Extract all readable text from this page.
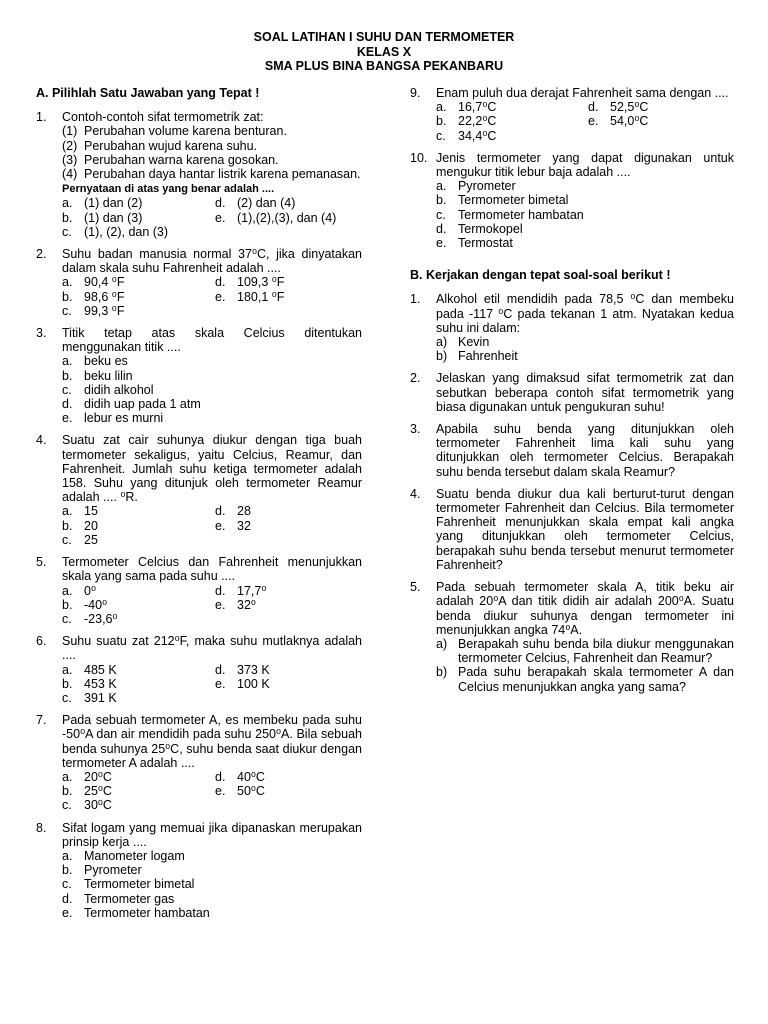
SOAL LATIHAN I SUHU DAN TERMOMETER
KELAS X
SMA PLUS BINA BANGSA PEKANBARU
A. Pilihlah Satu Jawaban yang Tepat !
1.	Contoh-contoh sifat termometrik zat:
(1) Perubahan volume karena benturan.
(2) Perubahan wujud karena suhu.
(3) Perubahan warna karena gosokan.
(4) Perubahan daya hantar listrik karena pemanasan.
Pernyataan di atas yang benar adalah ....
a. (1) dan (2)	d. (2) dan (4)
b. (1) dan (3)	e. (1),(2),(3), dan (4)
c. (1), (2), dan (3)
2.	Suhu badan manusia normal 37⁰C, jika dinyatakan dalam skala suhu Fahrenheit adalah ....
a. 90,4 ⁰F	d. 109,3 ⁰F
b. 98,6 ⁰F	e. 180,1 ⁰F
c. 99,3 ⁰F
3.	Titik tetap atas skala Celcius ditentukan menggunakan titik ....
a. beku es
b. beku lilin
c. didih alkohol
d. didih uap pada 1 atm
e. lebur es murni
4.	Suatu zat cair suhunya diukur dengan tiga buah termometer sekaligus, yaitu Celcius, Reamur, dan Fahrenheit. Jumlah suhu ketiga termometer adalah 158. Suhu yang ditunjuk oleh termometer Reamur adalah .... ⁰R.
a. 15	d. 28
b. 20	e. 32
c. 25
5.	Termometer Celcius dan Fahrenheit menunjukkan skala yang sama pada suhu ....
a. 0⁰	d. 17,7⁰
b. -40⁰	e. 32⁰
c. -23,6⁰
6.	Suhu suatu zat 212⁰F, maka suhu mutlaknya adalah ....
a. 485 K	d. 373 K
b. 453 K	e. 100 K
c. 391 K
7.	Pada sebuah termometer A, es membeku pada suhu -50⁰A dan air mendidih pada suhu 250⁰A. Bila sebuah benda suhunya 25⁰C, suhu benda saat diukur dengan termometer A adalah ....
a. 20⁰C	d. 40⁰C
b. 25⁰C	e. 50⁰C
c. 30⁰C
8.	Sifat logam yang memuai jika dipanaskan merupakan prinsip kerja ....
a. Manometer logam
b. Pyrometer
c. Termometer bimetal
d. Termometer gas
e. Termometer hambatan
9.	Enam puluh dua derajat Fahrenheit sama dengan ....
a. 16,7⁰C	d. 52,5⁰C
b. 22,2⁰C	e. 54,0⁰C
c. 34,4⁰C
10. Jenis termometer yang dapat digunakan untuk mengukur titik lebur baja adalah ....
a. Pyrometer
b. Termometer bimetal
c. Termometer hambatan
d. Termokopel
e. Termostat
B. Kerjakan dengan tepat soal-soal berikut !
1.	Alkohol etil mendidih pada 78,5 ⁰C dan membeku pada -117 ⁰C pada tekanan 1 atm. Nyatakan kedua suhu ini dalam:
a) Kevin
b) Fahrenheit
2.	Jelaskan yang dimaksud sifat termometrik zat dan sebutkan beberapa contoh sifat termometrik yang biasa digunakan untuk pengukuran suhu!
3.	Apabila suhu benda yang ditunjukkan oleh termometer Fahrenheit lima kali suhu yang ditunjukkan oleh termometer Celcius. Berapakah suhu benda tersebut dalam skala Reamur?
4.	Suatu benda diukur dua kali berturut-turut dengan termometer Fahrenheit dan Celcius. Bila termometer Fahrenheit menunjukkan skala empat kali angka yang ditunjukkan oleh termometer Celcius, berapakah suhu benda tersebut menurut termometer Fahrenheit?
5.	Pada sebuah termometer skala A, titik beku air adalah 20⁰A dan titik didih air adalah 200⁰A. Suatu benda diukur suhunya dengan termometer ini menunjukkan angka 74⁰A.
a) Berapakah suhu benda bila diukur menggunakan termometer Celcius, Fahrenheit dan Reamur?
b) Pada suhu berapakah skala termometer A dan Celcius menunjukkan angka yang sama?
